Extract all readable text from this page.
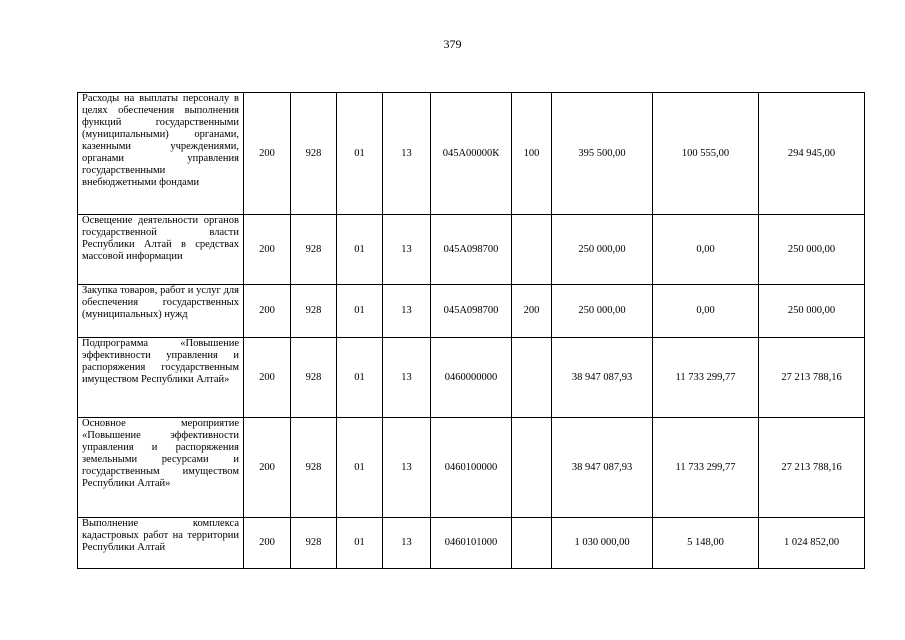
379
Расходы на выплаты персоналу в целях обеспечения выполнения функций государственными (муниципальными) органами, казенными учреждениями, органами управления государственными внебюджетными фондами	200	928	01	13	045А00000К	100	395 500,00	100 555,00	294 945,00
Освещение деятельности органов государственной власти Республики Алтай в средствах массовой информации	200	928	01	13	045А098700		250 000,00	0,00	250 000,00
Закупка товаров, работ и услуг для обеспечения государственных (муниципальных) нужд	200	928	01	13	045А098700	200	250 000,00	0,00	250 000,00
Подпрограмма «Повышение эффективности управления и распоряжения государственным имуществом Республики Алтай»	200	928	01	13	0460000000		38 947 087,93	11 733 299,77	27 213 788,16
Основное мероприятие «Повышение эффективности управления и распоряжения земельными ресурсами и государственным имуществом Республики Алтай»	200	928	01	13	0460100000		38 947 087,93	11 733 299,77	27 213 788,16
Выполнение комплекса кадастровых работ на территории Республики Алтай	200	928	01	13	0460101000		1 030 000,00	5 148,00	1 024 852,00
